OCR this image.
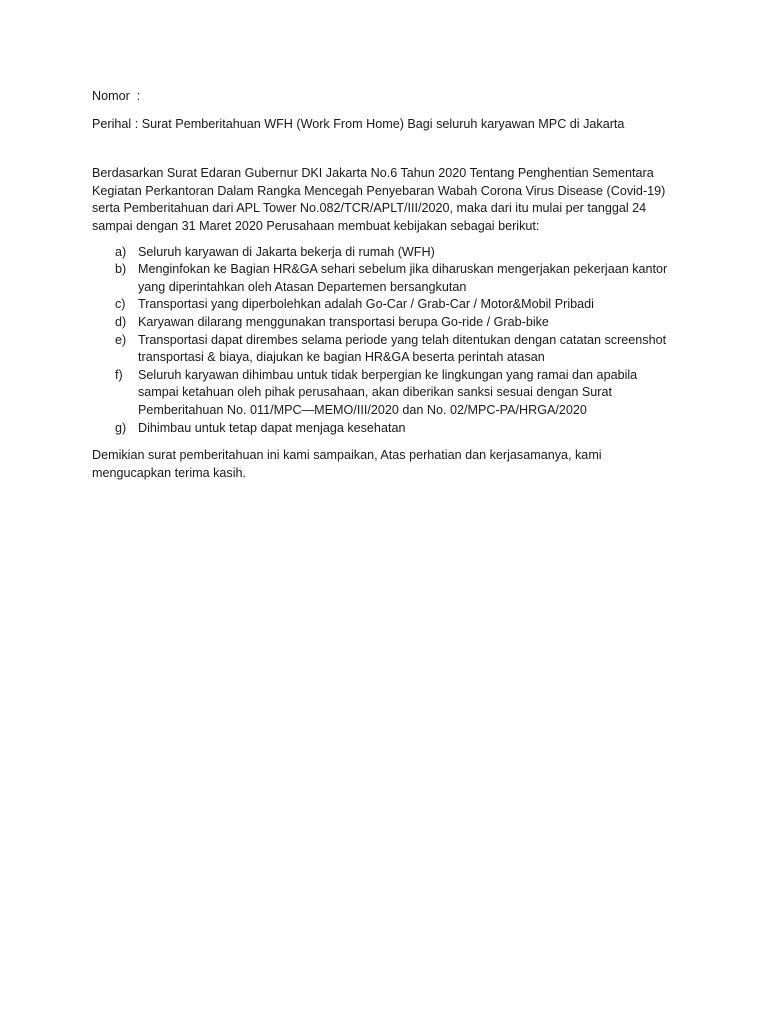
Nomor  :

Perihal : Surat Pemberitahuan WFH (Work From Home) Bagi seluruh karyawan MPC di Jakarta

Berdasarkan Surat Edaran Gubernur DKI Jakarta No.6 Tahun 2020 Tentang Penghentian Sementara Kegiatan Perkantoran Dalam Rangka Mencegah Penyebaran Wabah Corona Virus Disease (Covid-19) serta Pemberitahuan dari APL Tower No.082/TCR/APLT/III/2020, maka dari itu mulai per tanggal 24 sampai dengan 31 Maret 2020 Perusahaan membuat kebijakan sebagai berikut:

a) Seluruh karyawan di Jakarta bekerja di rumah (WFH)
b) Menginfokan ke Bagian HR&GA sehari sebelum jika diharuskan mengerjakan pekerjaan kantor yang diperintahkan oleh Atasan Departemen bersangkutan
c) Transportasi yang diperbolehkan adalah Go-Car / Grab-Car / Motor&Mobil Pribadi
d) Karyawan dilarang menggunakan transportasi berupa Go-ride / Grab-bike
e) Transportasi dapat dirembes selama periode yang telah ditentukan dengan catatan screenshot transportasi & biaya, diajukan ke bagian HR&GA beserta perintah atasan
f) Seluruh karyawan dihimbau untuk tidak berpergian ke lingkungan yang ramai dan apabila sampai ketahuan oleh pihak perusahaan, akan diberikan sanksi sesuai dengan Surat Pemberitahuan No. 011/MPC—MEMO/III/2020 dan No. 02/MPC-PA/HRGA/2020
g) Dihimbau untuk tetap dapat menjaga kesehatan

Demikian surat pemberitahuan ini kami sampaikan, Atas perhatian dan kerjasamanya, kami mengucapkan terima kasih.
